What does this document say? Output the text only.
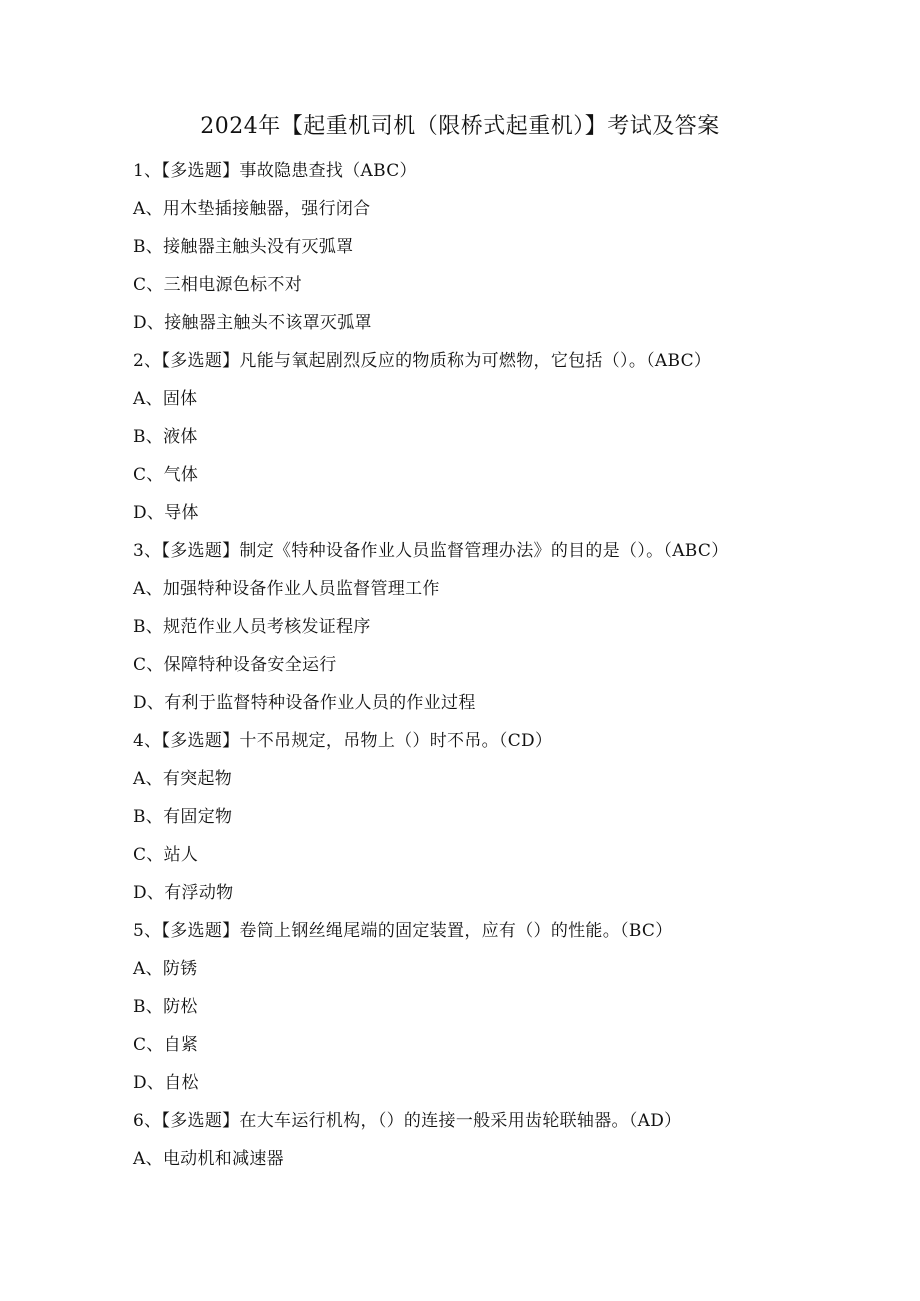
2024年【起重机司机（限桥式起重机）】考试及答案
1、【多选题】事故隐患查找（ABC）
A、用木垫插接触器，强行闭合
B、接触器主触头没有灭弧罩
C、三相电源色标不对
D、接触器主触头不该罩灭弧罩
2、【多选题】凡能与氧起剧烈反应的物质称为可燃物，它包括（）。（ABC）
A、固体
B、液体
C、气体
D、导体
3、【多选题】制定《特种设备作业人员监督管理办法》的目的是（）。（ABC）
A、加强特种设备作业人员监督管理工作
B、规范作业人员考核发证程序
C、保障特种设备安全运行
D、有利于监督特种设备作业人员的作业过程
4、【多选题】十不吊规定，吊物上（）时不吊。（CD）
A、有突起物
B、有固定物
C、站人
D、有浮动物
5、【多选题】卷筒上钢丝绳尾端的固定装置，应有（）的性能。（BC）
A、防锈
B、防松
C、自紧
D、自松
6、【多选题】在大车运行机构，（）的连接一般采用齿轮联轴器。（AD）
A、电动机和减速器
